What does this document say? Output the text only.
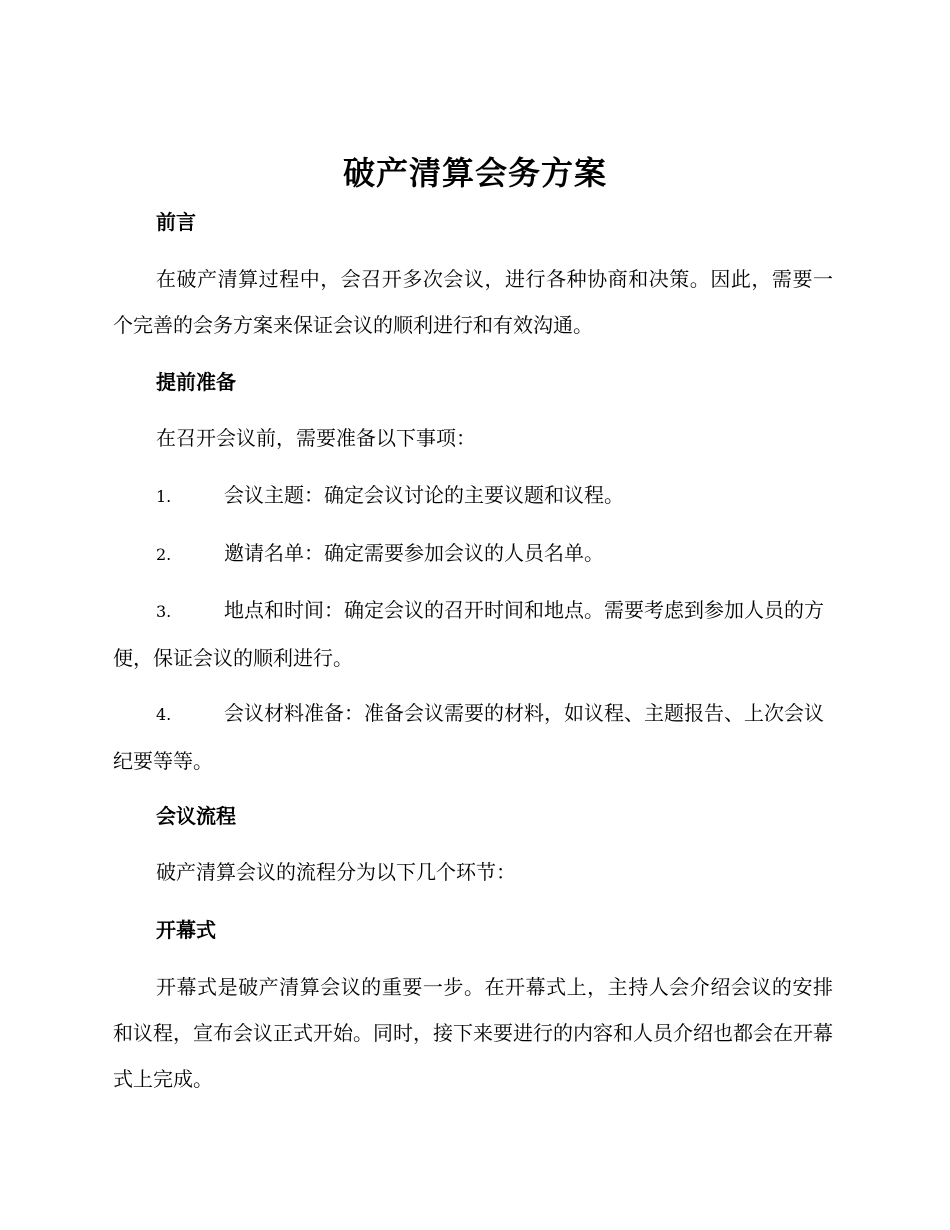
破产清算会务方案
前言

在破产清算过程中，会召开多次会议，进行各种协商和决策。因此，需要一个完善的会务方案来保证会议的顺利进行和有效沟通。

提前准备

在召开会议前，需要准备以下事项：

1.	会议主题：确定会议讨论的主要议题和议程。

2.	邀请名单：确定需要参加会议的人员名单。

3.	地点和时间：确定会议的召开时间和地点。需要考虑到参加人员的方便，保证会议的顺利进行。

4.	会议材料准备：准备会议需要的材料，如议程、主题报告、上次会议纪要等等。

会议流程

破产清算会议的流程分为以下几个环节：

开幕式

开幕式是破产清算会议的重要一步。在开幕式上，主持人会介绍会议的安排和议程，宣布会议正式开始。同时，接下来要进行的内容和人员介绍也都会在开幕式上完成。
